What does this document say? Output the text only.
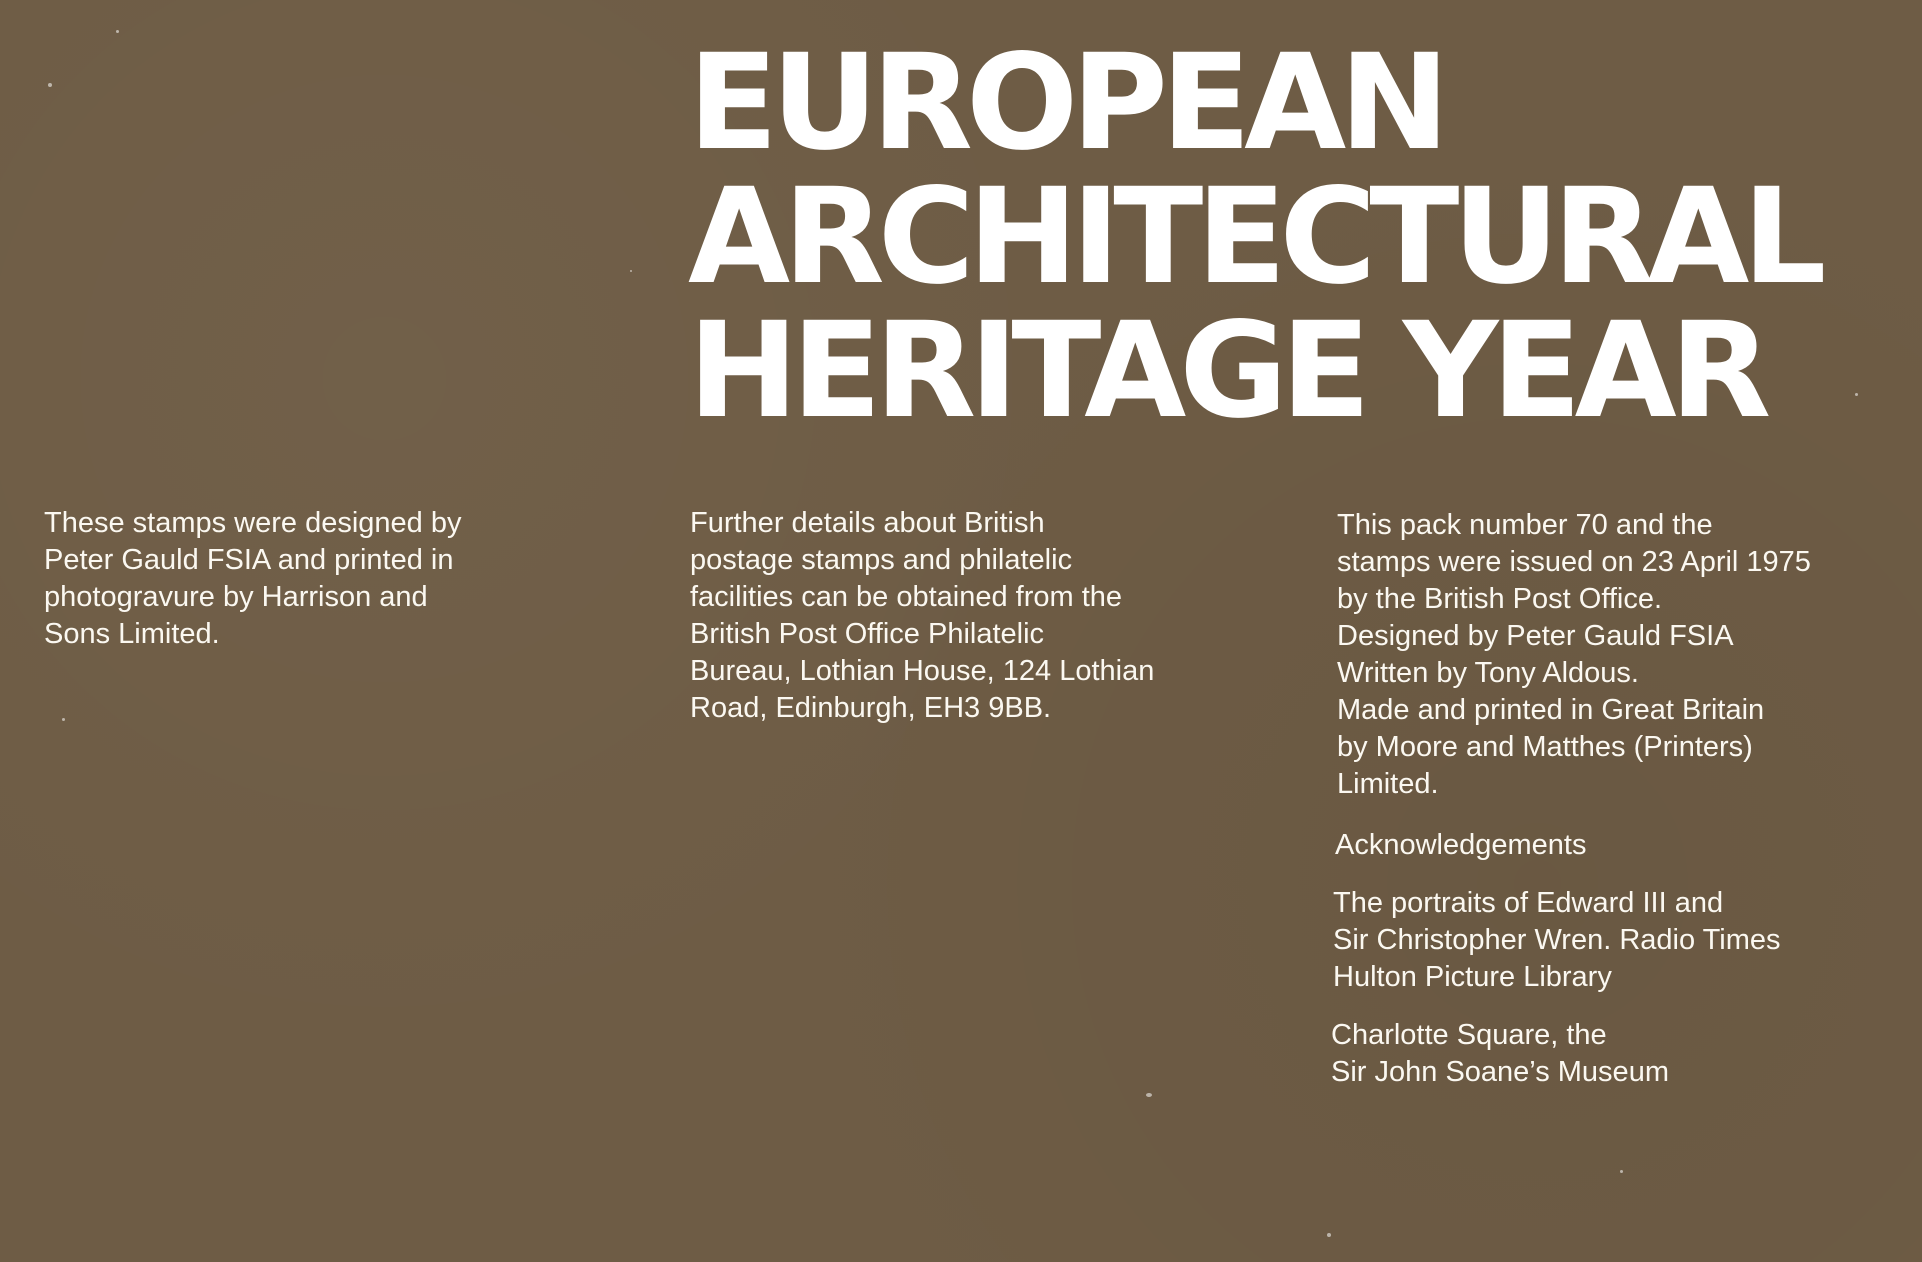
EUROPEAN
ARCHITECTURAL
HERITAGE YEAR

These stamps were designed by

Peter Gauld FSIA and printed in

photogravure by Harrison and

Sons Limited.

Further details about British

postage stamps and philatelic

facilities can be obtained from the

British Post Office Philatelic

Bureau, Lothian House, 124 Lothian

Road, Edinburgh, EH3 9BB.

This pack number 70 and the

stamps were issued on 23 April 1975

by the British Post Office.

Designed by Peter Gauld FSIA

Written by Tony Aldous.

Made and printed in Great Britain

by Moore and Matthes (Printers)

Limited.

Acknowledgements

The portraits of Edward III and

Sir Christopher Wren. Radio Times

Hulton Picture Library

Charlotte Square, the

Sir John Soane’s Museum
